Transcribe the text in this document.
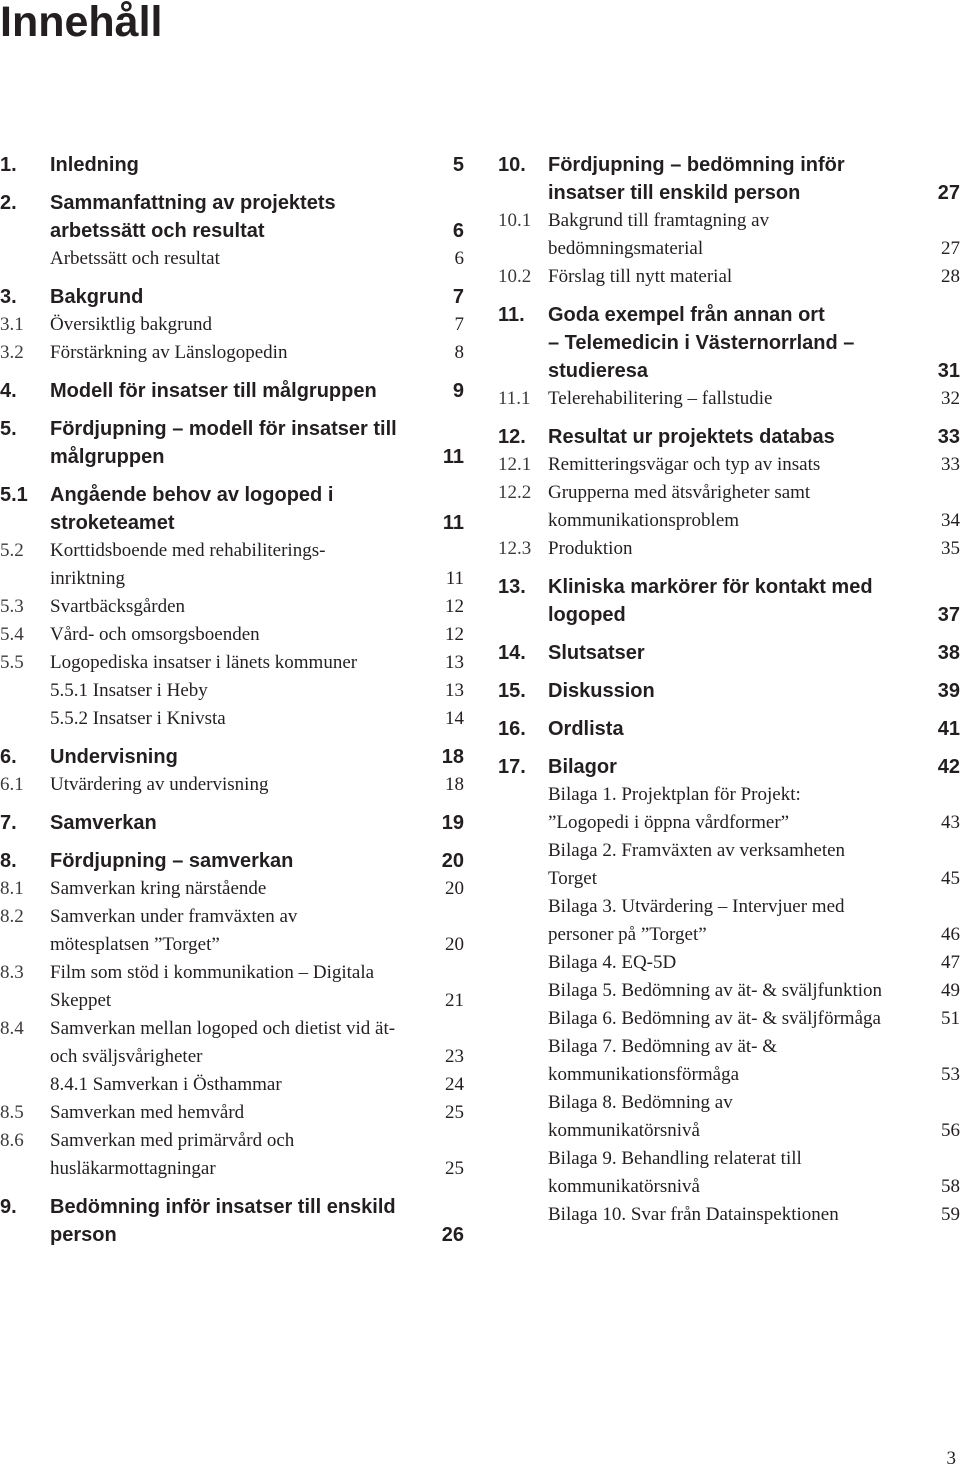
Innehåll
1. Inledning	5
2. Sammanfattning av projektets
arbetssätt och resultat	6
Arbetssätt och resultat	6
3. Bakgrund	7
3.1 Översiktlig bakgrund	7
3.2 Förstärkning av Länslogopedin	8
4. Modell för insatser till målgruppen	9
5. Fördjupning – modell för insatser till
målgruppen	11
5.1 Angående behov av logoped i
stroketeamet	11
5.2 Korttidsboende med rehabiliterings-
inriktning	11
5.3 Svartbäcksgården	12
5.4 Vård- och omsorgsboenden	12
5.5 Logopediska insatser i länets kommuner	13
5.5.1 Insatser i Heby	13
5.5.2 Insatser i Knivsta	14
6. Undervisning	18
6.1 Utvärdering av undervisning	18
7. Samverkan	19
8. Fördjupning – samverkan	20
8.1 Samverkan kring närstående	20
8.2 Samverkan under framväxten av
mötesplatsen ”Torget”	20
8.3 Film som stöd i kommunikation – Digitala
Skeppet	21
8.4 Samverkan mellan logoped och dietist vid ät-
och sväljsvårigheter	23
8.4.1 Samverkan i Östhammar	24
8.5 Samverkan med hemvård	25
8.6 Samverkan med primärvård och
husläkarmottagningar	25
9. Bedömning inför insatser till enskild
person	26
10. Fördjupning – bedömning inför
insatser till enskild person	27
10.1 Bakgrund till framtagning av
bedömningsmaterial	27
10.2 Förslag till nytt material	28
11. Goda exempel från annan ort
– Telemedicin i Västernorrland –
studieresa	31
11.1 Telerehabilitering – fallstudie	32
12. Resultat ur projektets databas	33
12.1 Remitteringsvägar och typ av insats	33
12.2 Grupperna med ätsvårigheter samt
kommunikationsproblem	34
12.3 Produktion	35
13. Kliniska markörer för kontakt med
logoped	37
14. Slutsatser	38
15. Diskussion	39
16. Ordlista	41
17. Bilagor	42
Bilaga 1. Projektplan för Projekt:
”Logopedi i öppna vårdformer”	43
Bilaga 2. Framväxten av verksamheten
Torget	45
Bilaga 3. Utvärdering – Intervjuer med
personer på ”Torget”	46
Bilaga 4. EQ-5D	47
Bilaga 5. Bedömning av ät- & sväljfunktion	49
Bilaga 6. Bedömning av ät- & sväljförmåga	51
Bilaga 7. Bedömning av ät- &
kommunikationsförmåga	53
Bilaga 8. Bedömning av
kommunikatörsnivå	56
Bilaga 9. Behandling relaterat till
kommunikatörsnivå	58
Bilaga 10. Svar från Datainspektionen	59
3
